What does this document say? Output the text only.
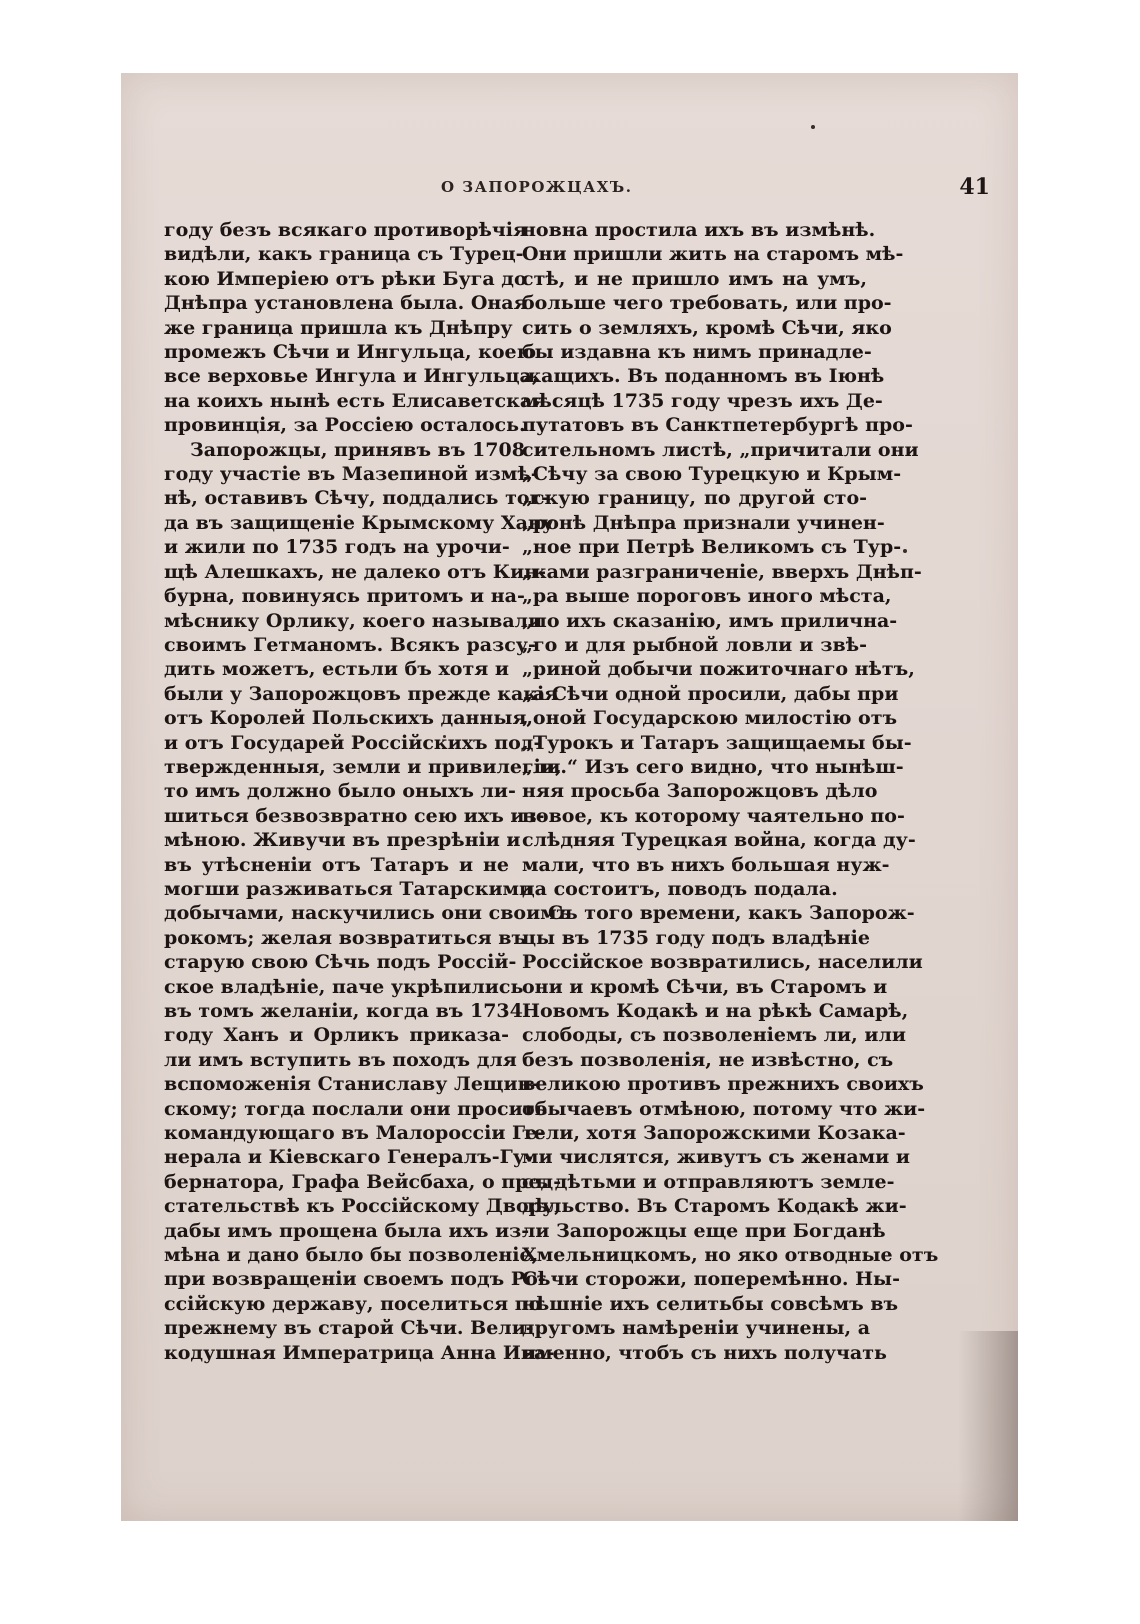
О ЗАПОРОЖЦАХЪ.	41
году безъ всякаго противорѣчія
видѣли, какъ граница съ Турец-
кою Имперіею отъ рѣки Буга до
Днѣпра установлена была. Оная
же граница пришла къ Днѣпру
промежъ Сѣчи и Ингульца, коею
все верховье Ингула и Ингульца,
на коихъ нынѣ есть Елисаветская
провинція, за Россіею осталось.
Запорожцы, принявъ въ 1708
году участіе въ Мазепиной измѣ-
нѣ, оставивъ Сѣчу, поддались тог-
да въ защищеніе Крымскому Хану
и жили по 1735 годъ на урочи-
щѣ Алешкахъ, не далеко отъ Кин-
бурна, повинуясь притомъ и на-
мѣснику Орлику, коего называли
своимъ Гетманомъ. Всякъ разсу-
дить можетъ, естьли бъ хотя и
были у Запорожцовъ прежде какія
отъ Королей Польскихъ данныя,
и отъ Государей Россійскихъ под-
твержденныя, земли и привилегіи,
то имъ должно было оныхъ ли-
шиться безвозвратно сею ихъ из-
мѣною. Живучи въ презрѣніи и
въ утѣсненіи отъ Татаръ и не
могши разживаться Татарскими
добычами, наскучились они своимъ
рокомъ; желая возвратиться въ
старую свою Сѣчь подъ Россій-
ское владѣніе, паче укрѣпились
въ томъ желаніи, когда въ 1734
году Ханъ и Орликъ приказа-
ли имъ вступить въ походъ для
вспоможенія Станиславу Лещин-
скому; тогда послали они просить
командующаго въ Малороссіи Ге-
нерала и Кіевскаго Генералъ-Гу-
бернатора, Графа Вейсбаха, о пред-
стательствѣ къ Россійскому Двору,
дабы имъ прощена была ихъ из-
мѣна и дано было бы позволеніе,
при возвращеніи своемъ подъ Ро-
ссійскую державу, поселиться по
прежнему въ старой Сѣчи. Вели-
кодушная Императрица Анна Ива-
новна простила ихъ въ измѣнѣ.
Они пришли жить на старомъ мѣ-
стѣ, и не пришло имъ на умъ,
больше чего требовать, или про-
сить о земляхъ, кромѣ Сѣчи, яко
бы издавна къ нимъ принадле-
жащихъ. Въ поданномъ въ Іюнѣ
мѣсяцѣ 1735 году чрезъ ихъ Де-
путатовъ въ Санктпетербургѣ про-
сительномъ листѣ, „причитали они
„Сѣчу за свою Турецкую и Крым-
„скую границу, по другой сто-
„ронѣ Днѣпра признали учинен-
„ное при Петрѣ Великомъ съ Тур-
„ками разграниченіе, вверхъ Днѣп-
„ра выше пороговъ иного мѣста,
„по ихъ сказанію, имъ прилична-
„го и для рыбной ловли и звѣ-
„риной добычи пожиточнаго нѣтъ,
„а Сѣчи одной просили, дабы при
„оной Государскою милостію отъ
„Турокъ и Татаръ защищаемы бы-
„ли.“ Изъ сего видно, что нынѣш-
няя просьба Запорожцовъ дѣло
новое, къ которому чаятельно по-
слѣдняя Турецкая война, когда ду-
мали, что въ нихъ большая нуж-
да состоитъ, поводъ подала.
Съ того времени, какъ Запорож-
цы въ 1735 году подъ владѣніе
Россійское возвратились, населили
они и кромѣ Сѣчи, въ Старомъ и
Новомъ Кодакѣ и на рѣкѣ Самарѣ,
слободы, съ позволеніемъ ли, или
безъ позволенія, не извѣстно, съ
великою противъ прежнихъ своихъ
обычаевъ отмѣною, потому что жи-
тели, хотя Запорожскими Козака-
ми числятся, живутъ съ женами и
съ дѣтьми и отправляютъ земле-
дѣльство. Въ Старомъ Кодакѣ жи-
ли Запорожцы еще при Богданѣ
Хмельницкомъ, но яко отводные отъ
Сѣчи сторожи, поперемѣнно. Ны-
нѣшніе ихъ селитьбы совсѣмъ въ
другомъ намѣреніи учинены, а
именно, чтобъ съ нихъ получать
